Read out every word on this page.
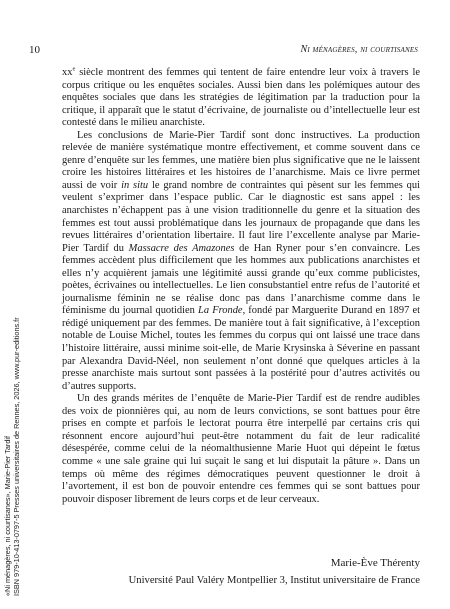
10	Ni ménagères, ni courtisanes

$xx^e$ siècle montrent des femmes qui tentent de faire entendre leur voix à travers le corpus critique ou les enquêtes sociales. Aussi bien dans les polémiques autour des enquêtes sociales que dans les stratégies de légitimation par la traduction pour la critique, il apparaît que le statut d’écrivaine, de journaliste ou d’intellectuelle leur est contesté dans le milieu anarchiste.

Les conclusions de Marie-Pier Tardif sont donc instructives. La production relevée de manière systématique montre effectivement, et comme souvent dans ce genre d’enquête sur les femmes, une matière bien plus significative que ne le laissent croire les histoires littéraires et les histoires de l’anarchisme. Mais ce livre permet aussi de voir in situ le grand nombre de contraintes qui pèsent sur les femmes qui veulent s’exprimer dans l’espace public. Car le diagnostic est sans appel : les anarchistes n’échappent pas à une vision traditionnelle du genre et la situation des femmes est tout aussi problématique dans les journaux de propagande que dans les revues littéraires d’orientation libertaire. Il faut lire l’excellente analyse par Marie-Pier Tardif du Massacre des Amazones de Han Ryner pour s’en convaincre. Les femmes accèdent plus difficilement que les hommes aux publications anarchistes et elles n’y acquièrent jamais une légitimité aussi grande qu’eux comme publicistes, poètes, écrivaines ou intellectuelles. Le lien consubstantiel entre refus de l’autorité et journalisme féminin ne se réalise donc pas dans l’anarchisme comme dans le féminisme du journal quotidien La Fronde, fondé par Marguerite Durand en 1897 et rédigé uniquement par des femmes. De manière tout à fait significative, à l’exception notable de Louise Michel, toutes les femmes du corpus qui ont laissé une trace dans l’histoire littéraire, aussi minime soit-elle, de Marie Krysinska à Séverine en passant par Alexandra David-Néel, non seulement n’ont donné que quelques articles à la presse anarchiste mais surtout sont passées à la postérité pour d’autres activités ou d’autres supports.

Un des grands mérites de l’enquête de Marie-Pier Tardif est de rendre audibles des voix de pionnières qui, au nom de leurs convictions, se sont battues pour être prises en compte et parfois le lectorat pourra être interpellé par certains cris qui résonnent encore aujourd’hui peut-être notamment du fait de leur radicalité désespérée, comme celui de la néomalthusienne Marie Huot qui dépeint le fœtus comme « une sale graine qui lui suçait le sang et lui disputait la pâture ». Dans un temps où même des régimes démocratiques peuvent questionner le droit à l’avortement, il est bon de pouvoir entendre ces femmes qui se sont battues pour pouvoir disposer librement de leurs corps et de leur cerveaux.

Marie-Ève Thérenty
Université Paul Valéry Montpellier 3, Institut universitaire de France
«Ni ménagères, ni courtisanes», Marie-Pier Tardif ISBN 979-10-413-0797-5 Presses universitaires de Rennes, 2026, www.pur-editions.fr
